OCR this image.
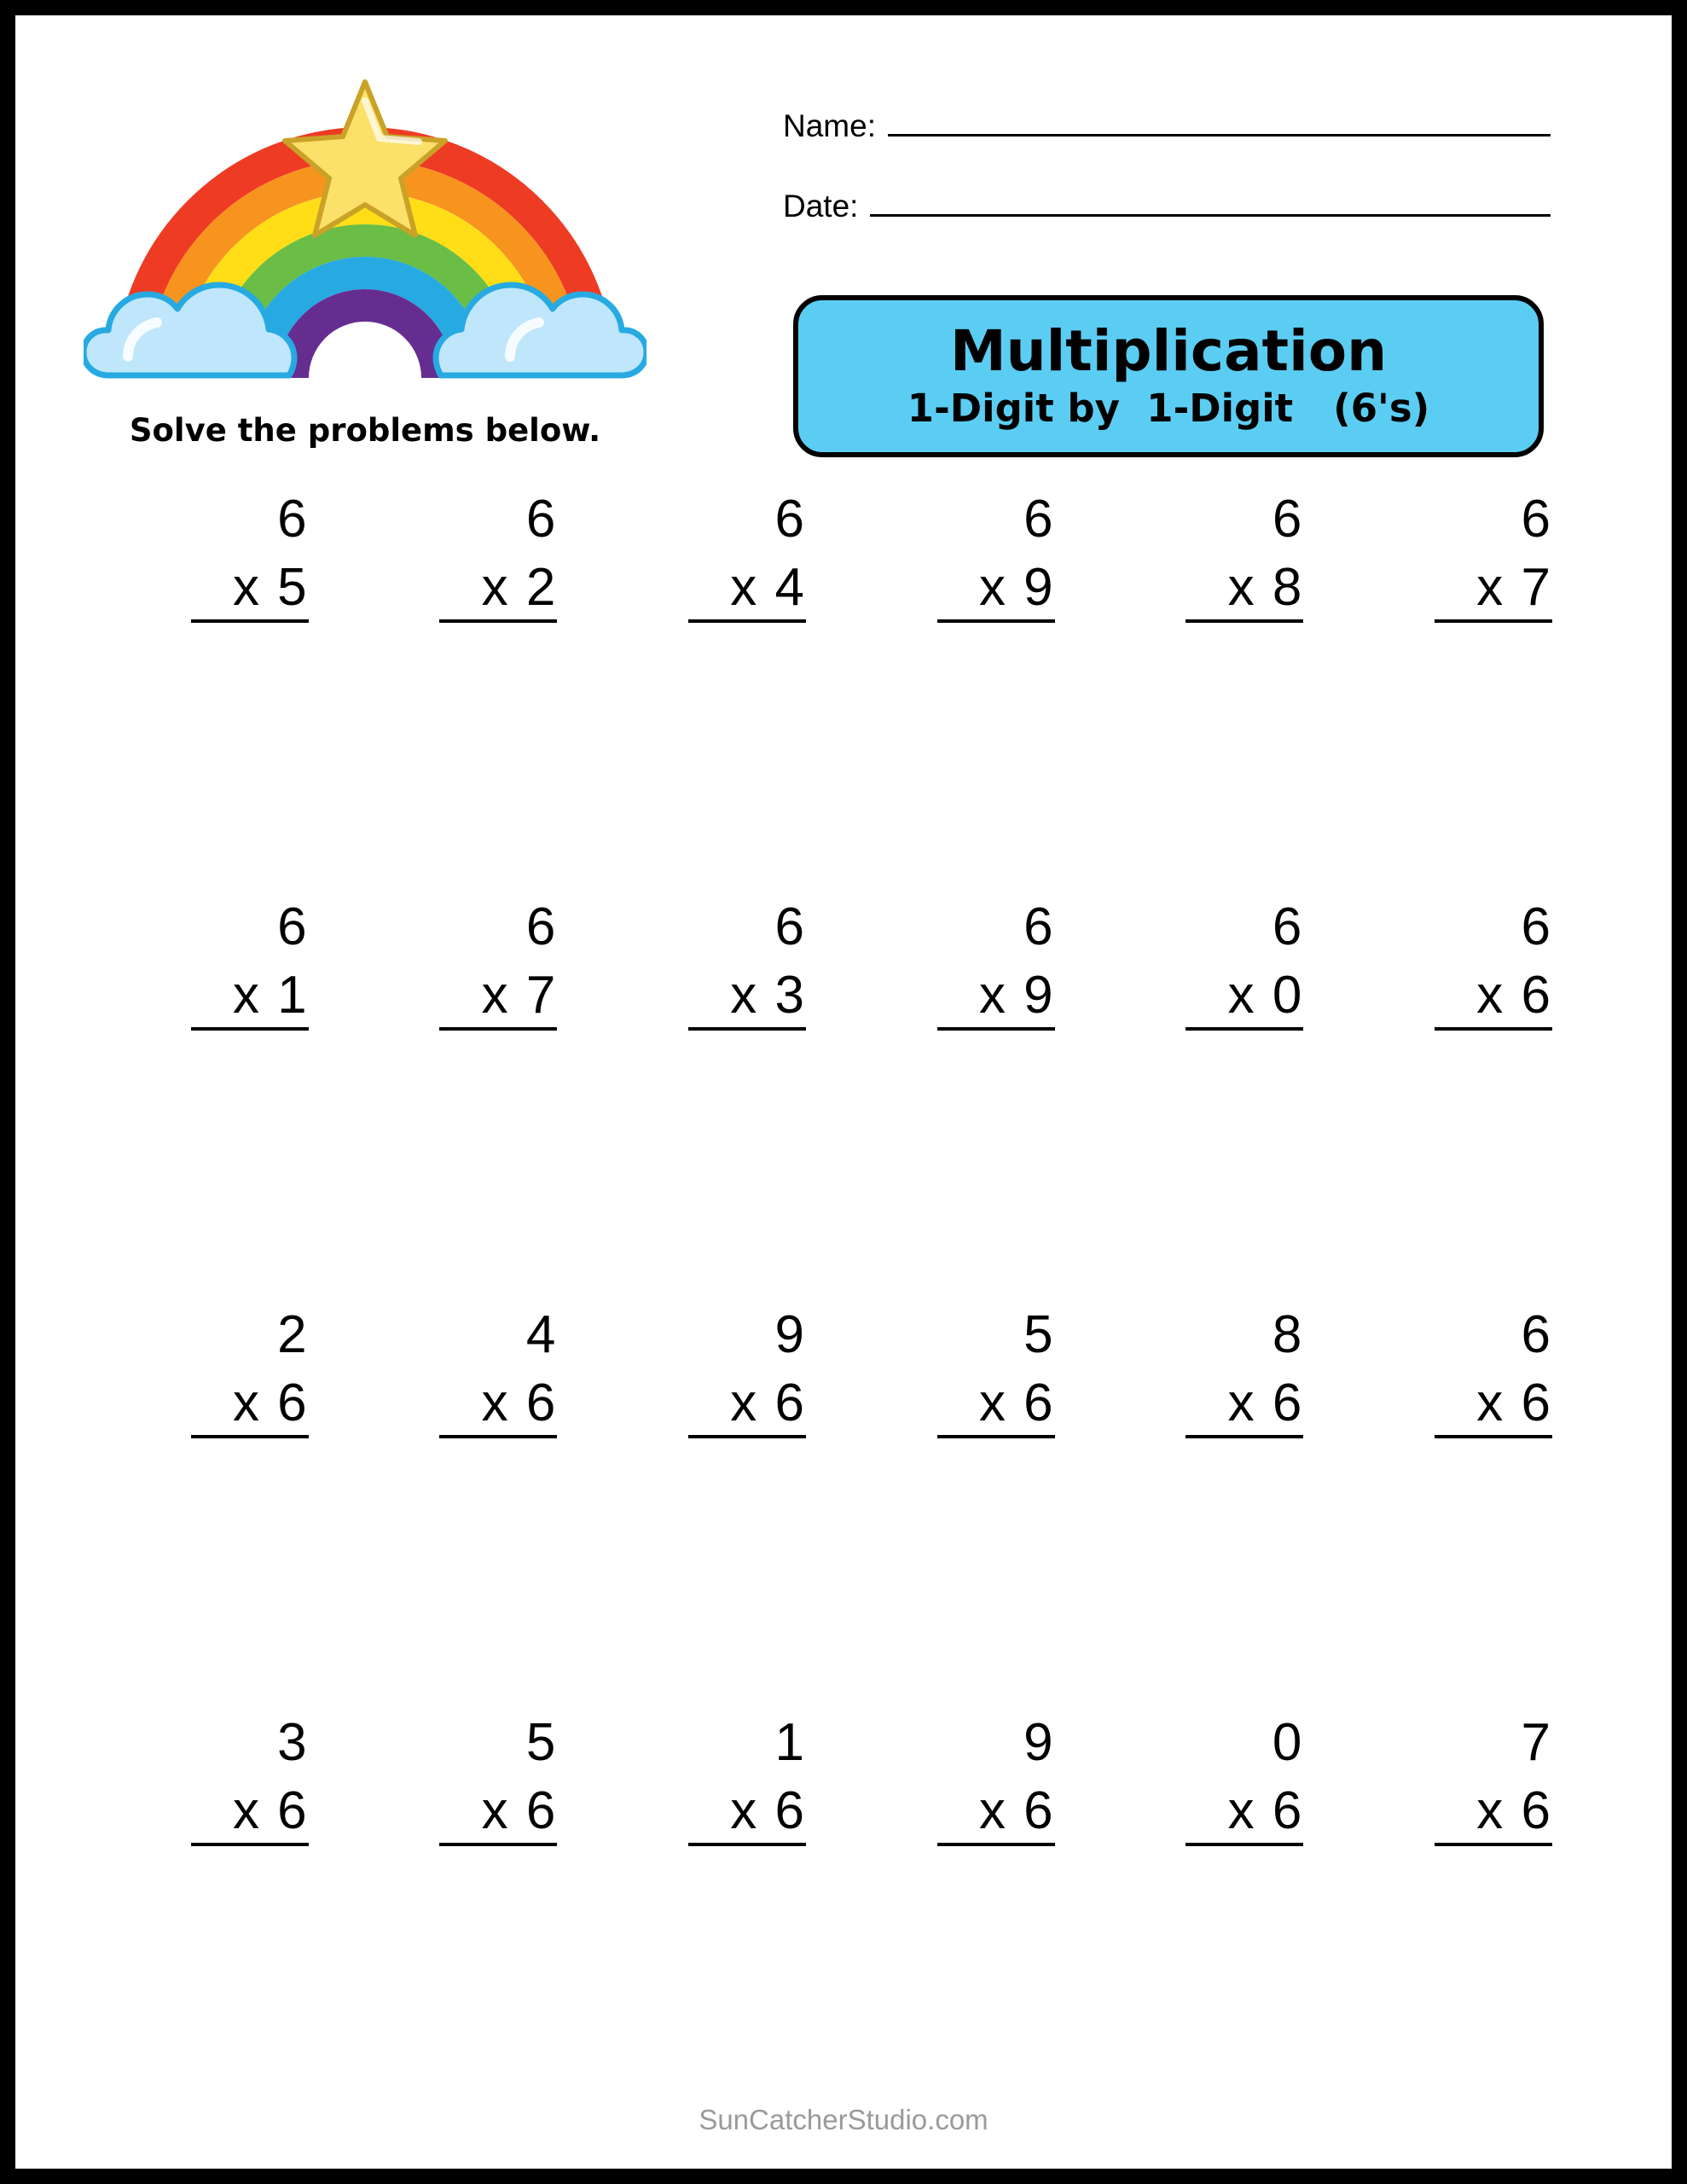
Solve the problems below.
Name:
Date:
Multiplication
1-Digit by  1-Digit   (6's)
6
x 5
6
x 2
6
x 4
6
x 9
6
x 8
6
x 7
6
x 1
6
x 7
6
x 3
6
x 9
6
x 0
6
x 6
2
x 6
4
x 6
9
x 6
5
x 6
8
x 6
6
x 6
3
x 6
5
x 6
1
x 6
9
x 6
0
x 6
7
x 6
SunCatcherStudio.com
